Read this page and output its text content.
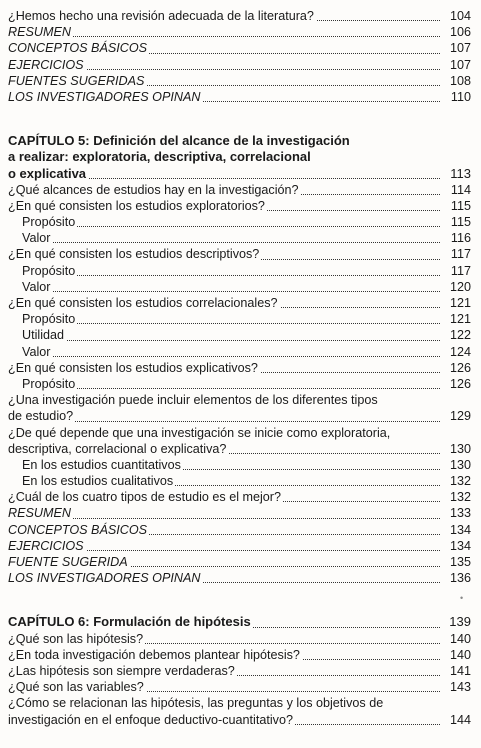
¿Hemos hecho una revisión adecuada de la literatura?	104
RESUMEN	106
CONCEPTOS BÁSICOS	107
EJERCICIOS	107
FUENTES SUGERIDAS	108
LOS INVESTIGADORES OPINAN	110
CAPÍTULO 5: Definición del alcance de la investigación
a realizar: exploratoria, descriptiva, correlacional
o explicativa	113
¿Qué alcances de estudios hay en la investigación?	114
¿En qué consisten los estudios exploratorios?	115
Propósito	115
Valor	116
¿En qué consisten los estudios descriptivos?	117
Propósito	117
Valor	120
¿En qué consisten los estudios correlacionales?	121
Propósito	121
Utilidad	122
Valor	124
¿En qué consisten los estudios explicativos?	126
Propósito	126
¿Una investigación puede incluir elementos de los diferentes tipos
de estudio?	129
¿De qué depende que una investigación se inicie como exploratoria,
descriptiva, correlacional o explicativa?	130
En los estudios cuantitativos	130
En los estudios cualitativos	132
¿Cuál de los cuatro tipos de estudio es el mejor?	132
RESUMEN	133
CONCEPTOS BÁSICOS	134
EJERCICIOS	134
FUENTE SUGERIDA	135
LOS INVESTIGADORES OPINAN	136
•
CAPÍTULO 6: Formulación de hipótesis	139
¿Qué son las hipótesis?	140
¿En toda investigación debemos plantear hipótesis?	140
¿Las hipótesis son siempre verdaderas?	141
¿Qué son las variables?	143
¿Cómo se relacionan las hipótesis, las preguntas y los objetivos de
investigación en el enfoque deductivo-cuantitativo?	144
